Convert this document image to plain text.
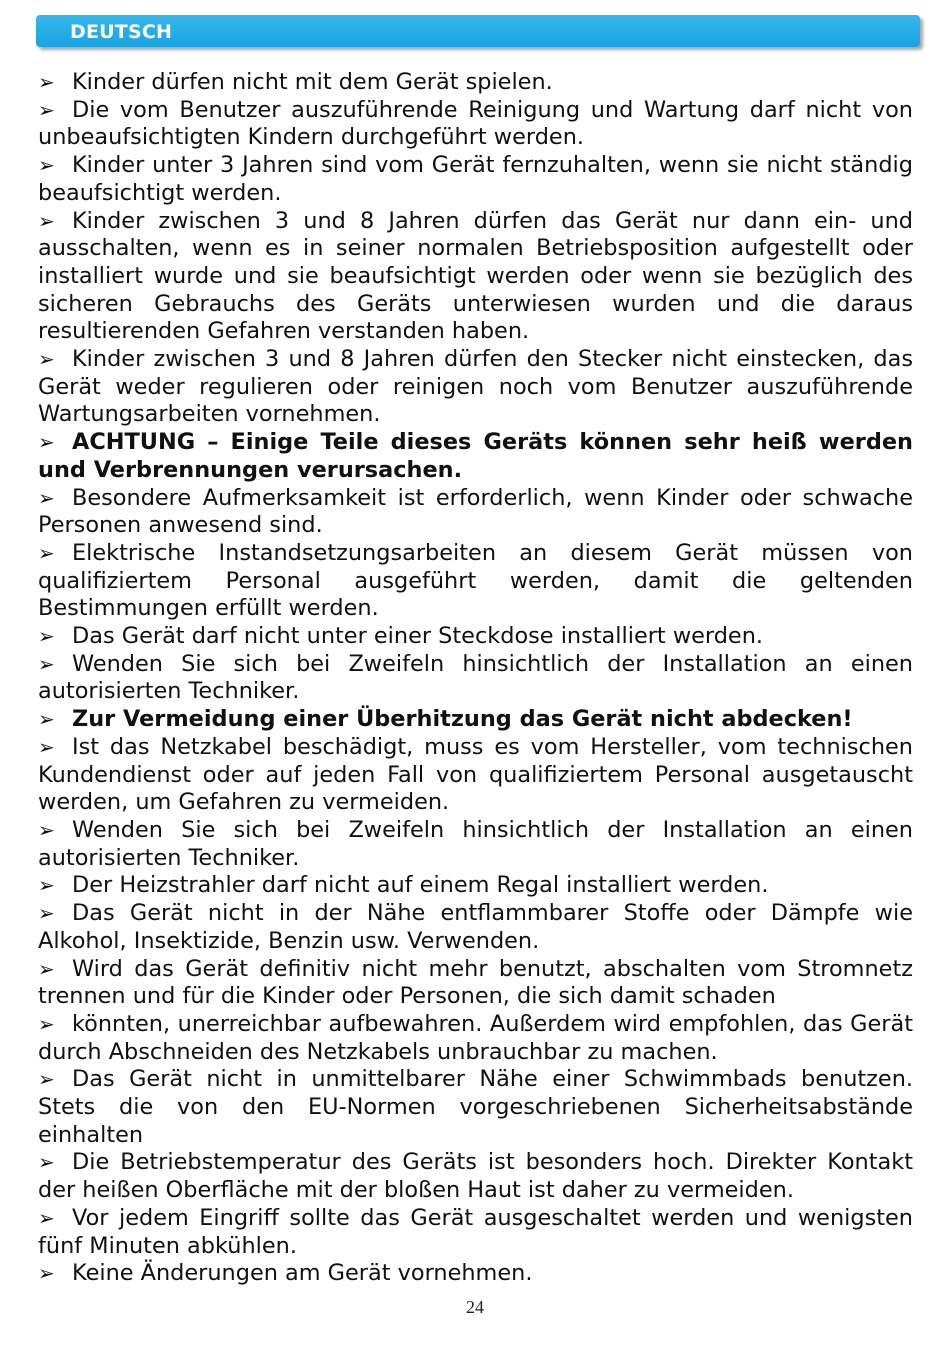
DEUTSCH

➢ Kinder dürfen nicht mit dem Gerät spielen.

➢ Die vom Benutzer auszuführende Reinigung und Wartung darf nicht von unbeaufsichtigten Kindern durchgeführt werden.

➢ Kinder unter 3 Jahren sind vom Gerät fernzuhalten, wenn sie nicht ständig beaufsichtigt werden.

➢ Kinder zwischen 3 und 8 Jahren dürfen das Gerät nur dann ein- und ausschalten, wenn es in seiner normalen Betriebsposition aufgestellt oder installiert wurde und sie beaufsichtigt werden oder wenn sie bezüglich des sicheren Gebrauchs des Geräts unterwiesen wurden und die daraus resultierenden Gefahren verstanden haben.

➢ Kinder zwischen 3 und 8 Jahren dürfen den Stecker nicht einstecken, das Gerät weder regulieren oder reinigen noch vom Benutzer auszuführende Wartungsarbeiten vornehmen.

➢ ACHTUNG – Einige Teile dieses Geräts können sehr heiß werden und Verbrennungen verursachen.

➢ Besondere Aufmerksamkeit ist erforderlich, wenn Kinder oder schwache Personen anwesend sind.

➢ Elektrische Instandsetzungsarbeiten an diesem Gerät müssen von qualifiziertem Personal ausgeführt werden, damit die geltenden Bestimmungen erfüllt werden.

➢ Das Gerät darf nicht unter einer Steckdose installiert werden.

➢ Wenden Sie sich bei Zweifeln hinsichtlich der Installation an einen autorisierten Techniker.

➢ Zur Vermeidung einer Überhitzung das Gerät nicht abdecken!

➢ Ist das Netzkabel beschädigt, muss es vom Hersteller, vom technischen Kundendienst oder auf jeden Fall von qualifiziertem Personal ausgetauscht werden, um Gefahren zu vermeiden.

➢ Wenden Sie sich bei Zweifeln hinsichtlich der Installation an einen autorisierten Techniker.

➢ Der Heizstrahler darf nicht auf einem Regal installiert werden.

➢ Das Gerät nicht in der Nähe entflammbarer Stoffe oder Dämpfe wie Alkohol, Insektizide, Benzin usw. Verwenden.

➢ Wird das Gerät definitiv nicht mehr benutzt, abschalten vom Stromnetz trennen und für die Kinder oder Personen, die sich damit schaden

➢ könnten, unerreichbar aufbewahren. Außerdem wird empfohlen, das Gerät durch Abschneiden des Netzkabels unbrauchbar zu machen.

➢ Das Gerät nicht in unmittelbarer Nähe einer Schwimmbads benutzen. Stets die von den EU-Normen vorgeschriebenen Sicherheitsabstände einhalten

➢ Die Betriebstemperatur des Geräts ist besonders hoch. Direkter Kontakt der heißen Oberfläche mit der bloßen Haut ist daher zu vermeiden.

➢ Vor jedem Eingriff sollte das Gerät ausgeschaltet werden und wenigsten fünf Minuten abkühlen.

➢ Keine Änderungen am Gerät vornehmen.

24
